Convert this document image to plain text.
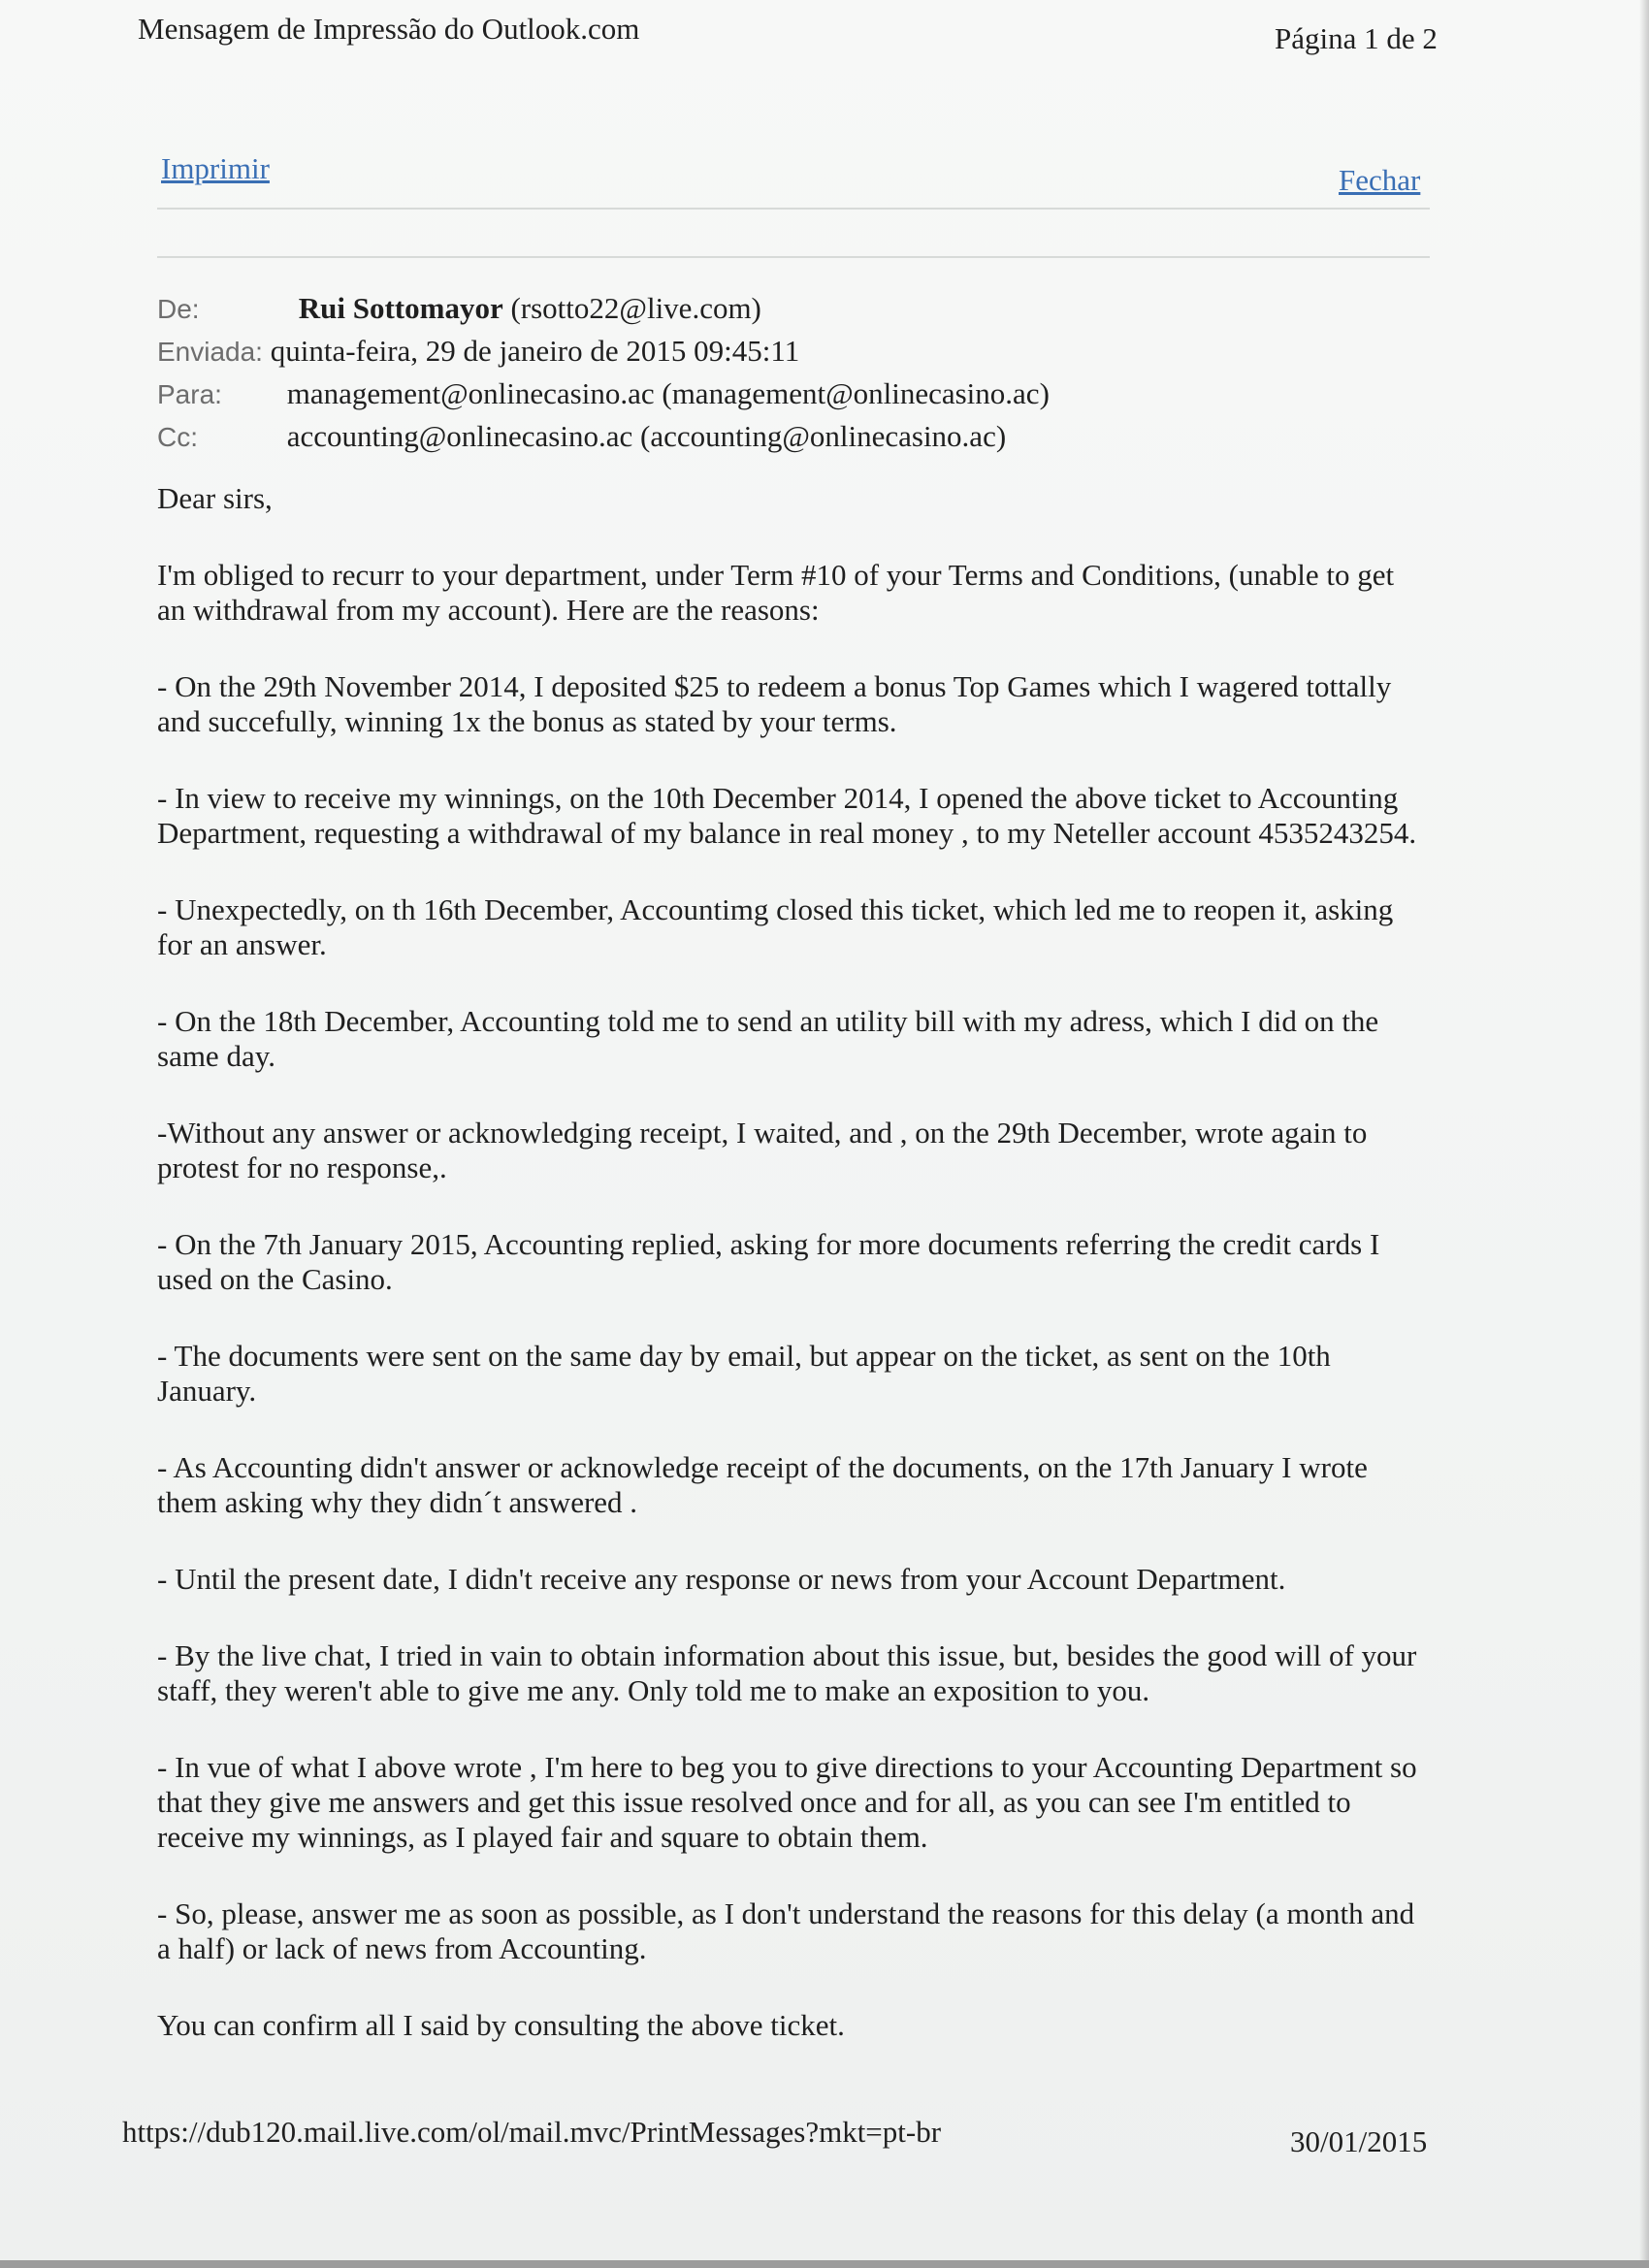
Mensagem de Impressão do Outlook.com	Página 1 de 2
Imprimir	Fechar
De:	Rui Sottomayor (rsotto22@live.com)
Enviada: quinta-feira, 29 de janeiro de 2015 09:45:11
Para: management@onlinecasino.ac (management@onlinecasino.ac)
Cc:	accounting@onlinecasino.ac (accounting@onlinecasino.ac)

Dear sirs,

I'm obliged to recurr to your department, under Term #10 of your Terms and Conditions, (unable to get an withdrawal from my account). Here are the reasons:

- On the 29th November 2014, I deposited $25 to redeem a bonus Top Games which I wagered tottally and succefully, winning 1x the bonus as stated by your terms.

- In view to receive my winnings, on the 10th December 2014, I opened the above ticket to Accounting Department, requesting a withdrawal of my balance in real money , to my Neteller account 4535243254.

- Unexpectedly, on th 16th December, Accountimg closed this ticket, which led me to reopen it, asking for an answer.

- On the 18th December, Accounting told me to send an utility bill with my adress, which I did on the same day.

-Without any answer or acknowledging receipt, I waited, and , on the 29th December, wrote again to protest for no response,.

- On the 7th January 2015, Accounting replied, asking for more documents referring the credit cards I used on the Casino.

- The documents were sent on the same day by email, but appear on the ticket, as sent on the 10th January.

- As Accounting didn't answer or acknowledge receipt of the documents, on the 17th January I wrote them asking why they didn´t answered .

- Until the present date, I didn't receive any response or news from your Account Department.

- By the live chat, I tried in vain to obtain information about this issue, but, besides the good will of your staff, they weren't able to give me any. Only told me to make an exposition to you.

- In vue of what I above wrote , I'm here to beg you to give directions to your Accounting Department so that they give me answers and get this issue resolved once and for all, as you can see I'm entitled to receive my winnings, as I played fair and square to obtain them.

- So, please, answer me as soon as possible, as I don't understand the reasons for this delay (a month and a half) or lack of news from Accounting.

You can confirm all I said by consulting the above ticket.

https://dub120.mail.live.com/ol/mail.mvc/PrintMessages?mkt=pt-br	30/01/2015
